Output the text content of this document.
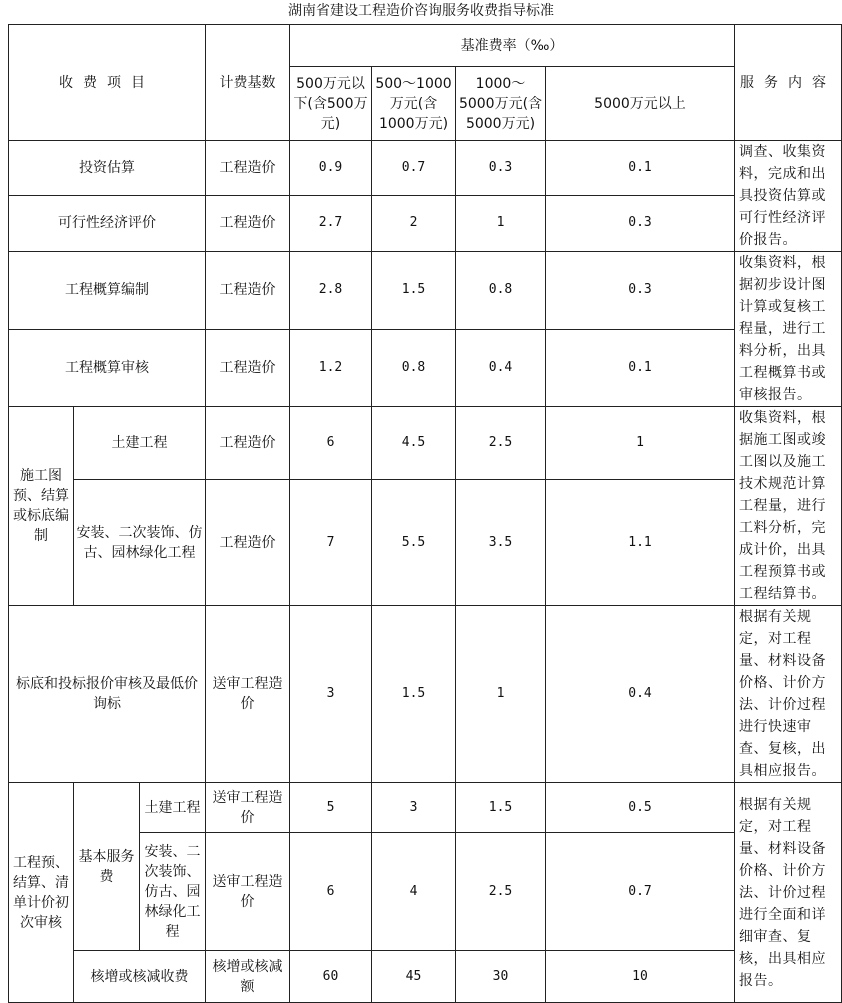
湖南省建设工程造价咨询服务收费指导标准
收费项目			计费基数	基准费率（‰）				服务内容
				500万元以下(含500万元)	500～1000万元(含1000万元)	1000～5000万元(含5000万元)	5000万元以上	
投资估算			工程造价	0.9	0.7	0.3	0.1	调查、收集资料，完成和出具投资估算或可行性经济评价报告。
可行性经济评价			工程造价	2.7	2	1	0.3	
工程概算编制			工程造价	2.8	1.5	0.8	0.3	收集资料，根据初步设计图计算或复核工程量，进行工料分析，出具工程概算书或审核报告。
工程概算审核			工程造价	1.2	0.8	0.4	0.1	
施工图预、结算或标底编制	土建工程		工程造价	6	4.5	2.5	1	收集资料，根据施工图或竣工图以及施工技术规范计算工程量，进行工料分析，完成计价，出具工程预算书或工程结算书。
	安装、二次装饰、仿古、园林绿化工程		工程造价	7	5.5	3.5	1.1	
标底和投标报价审核及最低价询标			送审工程造价	3	1.5	1	0.4	根据有关规定，对工程量、材料设备价格、计价方法、计价过程进行快速审查、复核，出具相应报告。
工程预、结算、清单计价初次审核	基本服务费	土建工程	送审工程造价	5	3	1.5	0.5	根据有关规定，对工程量、材料设备价格、计价方法、计价过程进行全面和详细审查、复核，出具相应报告。
		安装、二次装饰、仿古、园林绿化工程	送审工程造价	6	4	2.5	0.7	
	核增或核减收费		核增或核减额	60	45	30	10	
